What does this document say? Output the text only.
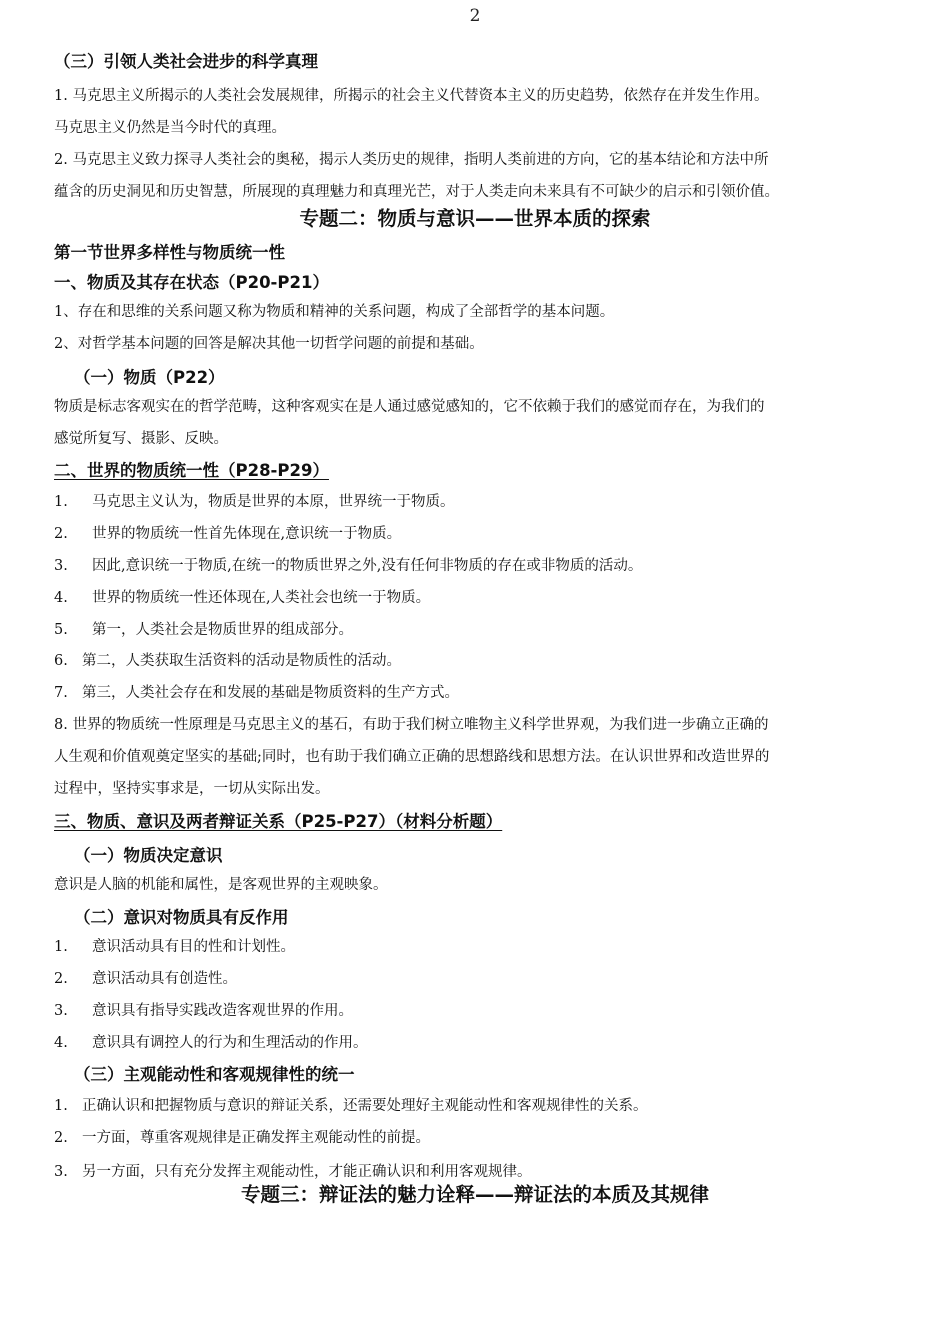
2
（三）引领人类社会进步的科学真理
1. 马克思主义所揭示的人类社会发展规律，所揭示的社会主义代替资本主义的历史趋势，依然存在并发生作用。
马克思主义仍然是当今时代的真理。
2. 马克思主义致力探寻人类社会的奥秘，揭示人类历史的规律，指明人类前进的方向，它的基本结论和方法中所
蕴含的历史洞见和历史智慧，所展现的真理魅力和真理光芒，对于人类走向未来具有不可缺少的启示和引领价值。
专题二：物质与意识——世界本质的探索
第一节世界多样性与物质统一性
一、物质及其存在状态（P20-P21）
1、存在和思维的关系问题又称为物质和精神的关系问题，构成了全部哲学的基本问题。
2、对哲学基本问题的回答是解决其他一切哲学问题的前提和基础。
（一）物质（P22）
物质是标志客观实在的哲学范畴，这种客观实在是人通过感觉感知的，它不依赖于我们的感觉而存在，为我们的
感觉所复写、摄影、反映。
二、世界的物质统一性（P28-P29）
1. 马克思主义认为，物质是世界的本原，世界统一于物质。
2. 世界的物质统一性首先体现在,意识统一于物质。
3. 因此,意识统一于物质,在统一的物质世界之外,没有任何非物质的存在或非物质的活动。
4. 世界的物质统一性还体现在,人类社会也统一于物质。
5. 第一，人类社会是物质世界的组成部分。
6. 第二，人类获取生活资料的活动是物质性的活动。
7. 第三，人类社会存在和发展的基础是物质资料的生产方式。
8. 世界的物质统一性原理是马克思主义的基石，有助于我们树立唯物主义科学世界观，为我们进一步确立正确的
人生观和价值观奠定坚实的基础;同时，也有助于我们确立正确的思想路线和思想方法。在认识世界和改造世界的
过程中，坚持实事求是，一切从实际出发。
三、物质、意识及两者辩证关系（P25-P27）（材料分析题）
（一）物质决定意识
意识是人脑的机能和属性，是客观世界的主观映象。
（二）意识对物质具有反作用
1. 意识活动具有目的性和计划性。
2. 意识活动具有创造性。
3. 意识具有指导实践改造客观世界的作用。
4. 意识具有调控人的行为和生理活动的作用。
（三）主观能动性和客观规律性的统一
1. 正确认识和把握物质与意识的辩证关系，还需要处理好主观能动性和客观规律性的关系。
2. 一方面，尊重客观规律是正确发挥主观能动性的前提。
3. 另一方面，只有充分发挥主观能动性，才能正确认识和利用客观规律。
专题三：辩证法的魅力诠释——辩证法的本质及其规律
